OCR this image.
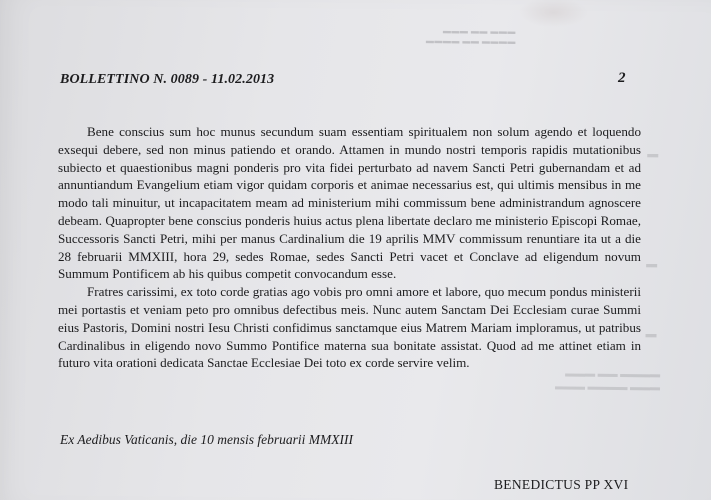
▬▬▬ ▬▬ ▬▬▬
▬▬▬▬ ▬▬ ▬▬▬▬
▬
▬
▬
▬▬▬▬ ▬▬ ▬▬▬
▬▬▬ ▬▬▬▬ ▬▬▬
BOLLETTINO N. 0089 - 11.02.2013	2

Bene conscius sum hoc munus secundum suam essentiam spiritualem non solum agendo et loquendo exsequi debere, sed non minus patiendo et orando. Attamen in mundo nostri temporis rapidis mutationibus subiecto et quaestionibus magni ponderis pro vita fidei perturbato ad navem Sancti Petri gubernandam et ad annuntiandum Evangelium etiam vigor quidam corporis et animae necessarius est, qui ultimis mensibus in me modo tali minuitur, ut incapacitatem meam ad ministerium mihi commissum bene administrandum agnoscere debeam. Quapropter bene conscius ponderis huius actus plena libertate declaro me ministerio Episcopi Romae, Successoris Sancti Petri, mihi per manus Cardinalium die 19 aprilis MMV commissum renuntiare ita ut a die 28 februarii MMXIII, hora 29, sedes Romae, sedes Sancti Petri vacet et Conclave ad eligendum novum Summum Pontificem ab his quibus competit convocandum esse.

Fratres carissimi, ex toto corde gratias ago vobis pro omni amore et labore, quo mecum pondus ministerii mei portastis et veniam peto pro omnibus defectibus meis. Nunc autem Sanctam Dei Ecclesiam curae Summi eius Pastoris, Domini nostri Iesu Christi confidimus sanctamque eius Matrem Mariam imploramus, ut patribus Cardinalibus in eligendo novo Summo Pontifice materna sua bonitate assistat. Quod ad me attinet etiam in futuro vita orationi dedicata Sanctae Ecclesiae Dei toto ex corde servire velim.

Ex Aedibus Vaticanis, die 10 mensis februarii MMXIII
BENEDICTUS PP XVI
